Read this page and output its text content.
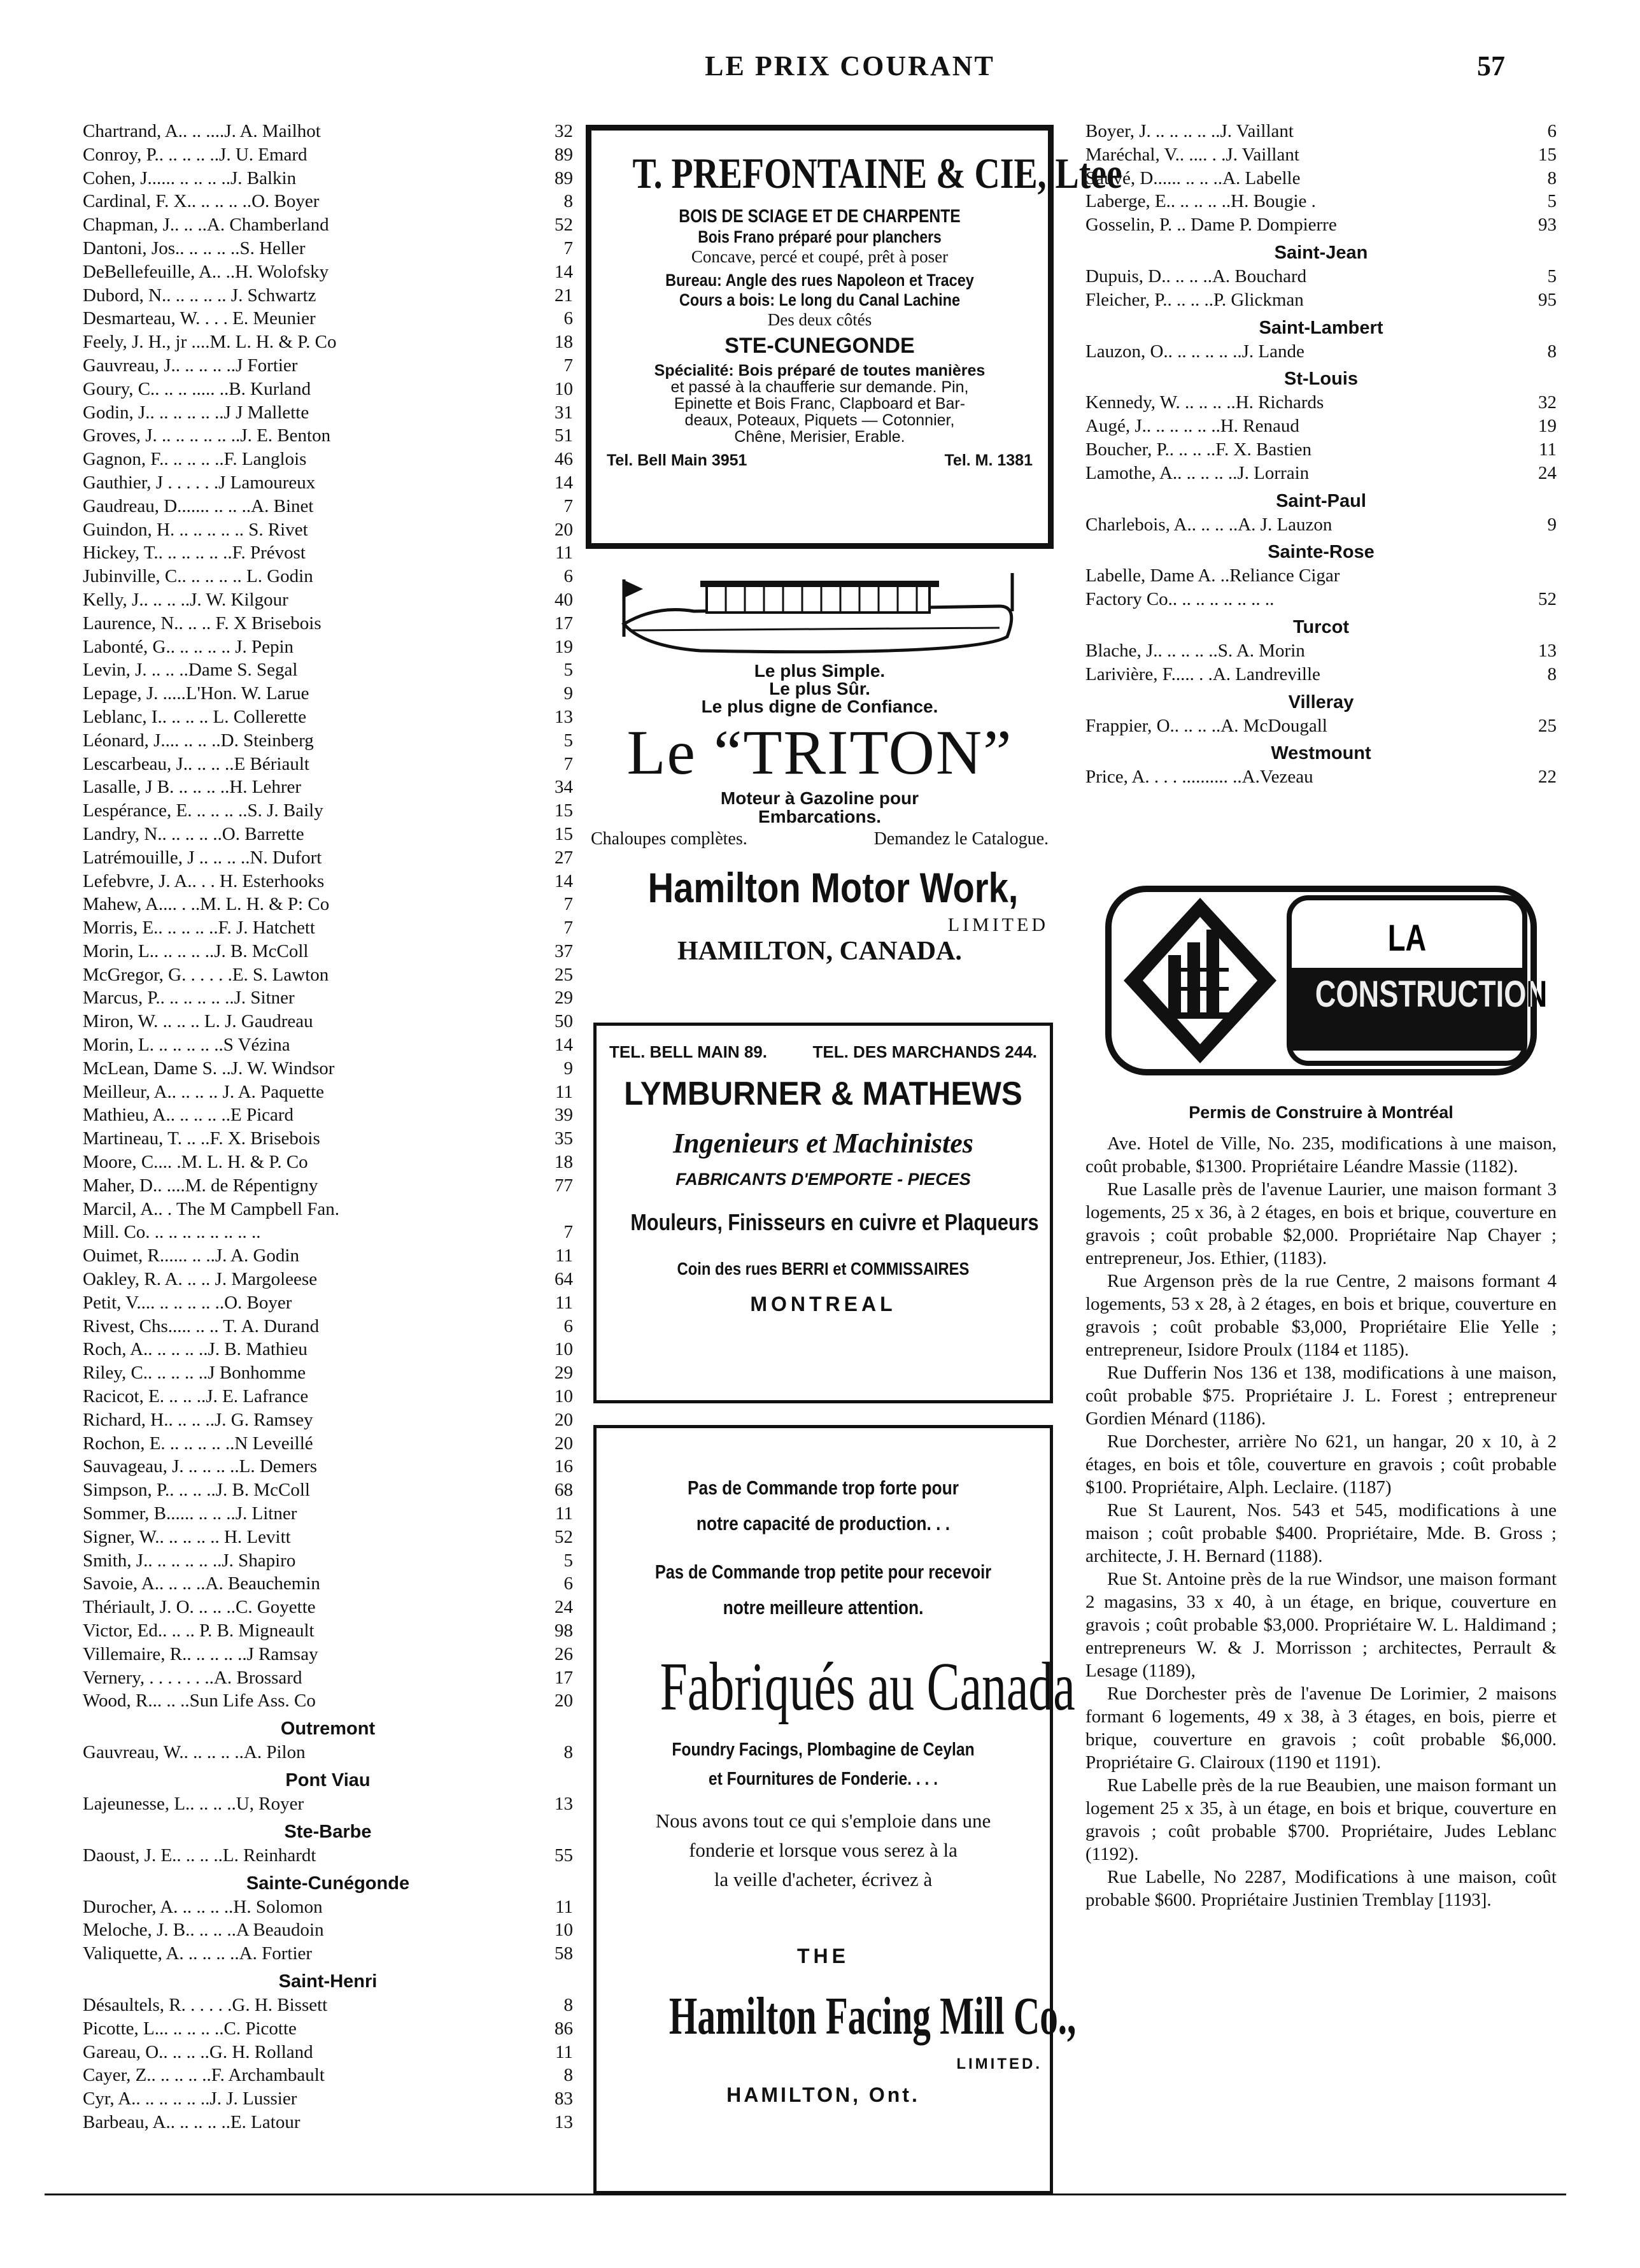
LE PRIX COURANT	57
Chartrand, A.. .. ....J. A. Mailhot	32
Conroy, P.. .. .. .. ..J. U. Emard	89
Cohen, J...... .. .. .. ..J. Balkin	89
Cardinal, F. X.. .. .. .. ..O. Boyer	8
Chapman, J.. .. ..A. Chamberland	52
Dantoni, Jos.. .. .. .. ..S. Heller	7
DeBellefeuille, A.. ..H. Wolofsky	14
Dubord, N.. .. .. .. .. J. Schwartz	21
Desmarteau, W. . . . E. Meunier	6
Feely, J. H., jr ....M. L. H. & P. Co	18
Gauvreau, J.. .. .. .. ..J Fortier	7
Goury, C.. .. .. ..... ..B. Kurland	10
Godin, J.. .. .. .. .. ..J J Mallette	31
Groves, J. .. .. .. .. .. ..J. E. Benton	51
Gagnon, F.. .. .. .. ..F. Langlois	46
Gauthier, J . . . . . .J Lamoureux	14
Gaudreau, D....... .. .. ..A. Binet	7
Guindon, H. .. .. .. .. .. S. Rivet	20
Hickey, T.. .. .. .. .. ..F. Prévost	11
Jubinville, C.. .. .. .. .. L. Godin	6
Kelly, J.. .. .. ..J. W. Kilgour	40
Laurence, N.. .. .. F. X Brisebois	17
Labonté, G.. .. .. .. .. J. Pepin	19
Levin, J. .. .. ..Dame S. Segal	5
Lepage, J. .....L'Hon. W. Larue	9
Leblanc, I.. .. .. .. L. Collerette	13
Léonard, J.... .. .. ..D. Steinberg	5
Lescarbeau, J.. .. .. ..E Bériault	7
Lasalle, J B. .. .. .. ..H. Lehrer	34
Lespérance, E. .. .. .. ..S. J. Baily	15
Landry, N.. .. .. .. ..O. Barrette	15
Latrémouille, J .. .. .. ..N. Dufort	27
Lefebvre, J. A.. . . H. Esterhooks	14
Mahew, A.... . ..M. L. H. & P: Co	7
Morris, E.. .. .. .. ..F. J. Hatchett	7
Morin, L.. .. .. .. ..J. B. McColl	37
McGregor, G. . . . . .E. S. Lawton	25
Marcus, P.. .. .. .. .. ..J. Sitner	29
Miron, W. .. .. .. L. J. Gaudreau	50
Morin, L. .. .. .. .. ..S Vézina	14
McLean, Dame S. ..J. W. Windsor	9
Meilleur, A.. .. .. .. J. A. Paquette	11
Mathieu, A.. .. .. .. ..E Picard	39
Martineau, T. .. ..F. X. Brisebois	35
Moore, C.... .M. L. H. & P. Co	18
Maher, D.. ....M. de Répentigny	77
Marcil, A.. . The M Campbell Fan.
Mill. Co. .. .. .. .. .. .. .. ..	7
Ouimet, R...... .. ..J. A. Godin	11
Oakley, R. A. .. .. J. Margoleese	64
Petit, V.... .. .. .. .. ..O. Boyer	11
Rivest, Chs..... .. .. T. A. Durand	6
Roch, A.. .. .. .. ..J. B. Mathieu	10
Riley, C.. .. .. .. ..J Bonhomme	29
Racicot, E. .. .. ..J. E. Lafrance	10
Richard, H.. .. .. ..J. G. Ramsey	20
Rochon, E. .. .. .. .. ..N Leveillé	20
Sauvageau, J. .. .. .. ..L. Demers	16
Simpson, P.. .. .. ..J. B. McColl	68
Sommer, B...... .. .. ..J. Litner	11
Signer, W.. .. .. .. .. H. Levitt	52
Smith, J.. .. .. .. .. ..J. Shapiro	5
Savoie, A.. .. .. ..A. Beauchemin	6
Thériault, J. O. .. .. ..C. Goyette	24
Victor, Ed.. .. .. P. B. Migneault	98
Villemaire, R.. .. .. .. ..J Ramsay	26
Vernery, . . . . . . ..A. Brossard	17
Wood, R... .. ..Sun Life Ass. Co	20
Outremont
Gauvreau, W.. .. .. .. ..A. Pilon	8
Pont Viau
Lajeunesse, L.. .. .. ..U, Royer	13
Ste-Barbe
Daoust, J. E.. .. .. ..L. Reinhardt	55
Sainte-Cunégonde
Durocher, A. .. .. .. ..H. Solomon	11
Meloche, J. B.. .. .. ..A Beaudoin	10
Valiquette, A. .. .. .. ..A. Fortier	58
Saint-Henri
Désaultels, R. . . . . .G. H. Bissett	8
Picotte, L... .. .. .. ..C. Picotte	86
Gareau, O.. .. .. ..G. H. Rolland	11
Cayer, Z.. .. .. .. ..F. Archambault	8
Cyr, A.. .. .. .. .. ..J. J. Lussier	83
Barbeau, A.. .. .. .. ..E. Latour	13
Boyer, J. .. .. .. .. ..J. Vaillant	6
Maréchal, V.. .... . .J. Vaillant	15
Sauvé, D...... .. .. ..A. Labelle	8
Laberge, E.. .. .. .. ..H. Bougie .	5
Gosselin, P. .. Dame P. Dompierre	93
Saint-Jean
Dupuis, D.. .. .. ..A. Bouchard	5
Fleicher, P.. .. .. ..P. Glickman	95
Saint-Lambert
Lauzon, O.. .. .. .. .. ..J. Lande	8
St-Louis
Kennedy, W. .. .. .. ..H. Richards	32
Augé, J.. .. .. .. .. ..H. Renaud	19
Boucher, P.. .. .. ..F. X. Bastien	11
Lamothe, A.. .. .. .. ..J. Lorrain	24
Saint-Paul
Charlebois, A.. .. .. ..A. J. Lauzon	9
Sainte-Rose
Labelle, Dame A. ..Reliance Cigar
Factory Co.. .. .. .. .. .. .. ..	52
Turcot
Blache, J.. .. .. .. ..S. A. Morin	13
Larivière, F..... . .A. Landreville	8
Villeray
Frappier, O.. .. .. ..A. McDougall	25
Westmount
Price, A. . . . .......... ..A.Vezeau	22
T. PREFONTAINE & CIE, Ltee
BOIS DE SCIAGE ET DE CHARPENTE
Bois Frano préparé pour planchers
Concave, percé et coupé, prêt à poser
Bureau: Angle des rues Napoleon et Tracey
Cours a bois: Le long du Canal Lachine
Des deux côtés
STE-CUNEGONDE
Spécialité: Bois préparé de toutes manières
et passé à la chaufferie sur demande. Pin,
Epinette et Bois Franc, Clapboard et Bar-
deaux, Poteaux, Piquets — Cotonnier,
Chêne, Merisier, Erable.
Tel. Bell Main 3951	Tel. M. 1381
Le plus Simple.
Le plus Sûr.
Le plus digne de Confiance.
Le “TRITON”
Moteur à Gazoline pour
Embarcations.
Chaloupes complètes.	Demandez le Catalogue.
Hamilton Motor Work,
LIMITED
HAMILTON, CANADA.
TEL. BELL MAIN 89.	TEL. DES MARCHANDS 244.
LYMBURNER & MATHEWS
Ingenieurs et Machinistes
FABRICANTS D'EMPORTE - PIECES
Mouleurs, Finisseurs en cuivre et Plaqueurs
Coin des rues BERRI et COMMISSAIRES
MONTREAL
Pas de Commande trop forte pour
notre capacité de production. . .
Pas de Commande trop petite pour recevoir
notre meilleure attention.
Fabriqués au Canada
Foundry Facings, Plombagine de Ceylan
et Fournitures de Fonderie. . . .
Nous avons tout ce qui s'emploie dans une
fonderie et lorsque vous serez à la
la veille d'acheter, écrivez à
THE
Hamilton Facing Mill Co.,
LIMITED.
HAMILTON, Ont.
LA CONSTRUCTION
Permis de Construire à Montréal

Ave. Hotel de Ville, No. 235, modifications à une maison, coût probable, $1300. Propriétaire Léandre Massie (1182).

Rue Lasalle près de l'avenue Laurier, une maison formant 3 logements, 25 x 36, à 2 étages, en bois et brique, couverture en gravois ; coût probable $2,000. Propriétaire Nap Chayer ; entrepreneur, Jos. Ethier, (1183).

Rue Argenson près de la rue Centre, 2 maisons formant 4 logements, 53 x 28, à 2 étages, en bois et brique, couverture en gravois ; coût probable $3,000, Propriétaire Elie Yelle ; entrepreneur, Isidore Proulx (1184 et 1185).

Rue Dufferin Nos 136 et 138, modifications à une maison, coût probable $75. Propriétaire J. L. Forest ; entrepreneur Gordien Ménard (1186).

Rue Dorchester, arrière No 621, un hangar, 20 x 10, à 2 étages, en bois et tôle, couverture en gravois ; coût probable $100. Propriétaire, Alph. Leclaire. (1187)

Rue St Laurent, Nos. 543 et 545, modifications à une maison ; coût probable $400. Propriétaire, Mde. B. Gross ; architecte, J. H. Bernard (1188).

Rue St. Antoine près de la rue Windsor, une maison formant 2 magasins, 33 x 40, à un étage, en brique, couverture en gravois ; coût probable $3,000. Propriétaire W. L. Haldimand ; entrepreneurs W. & J. Morrisson ; architectes, Perrault & Lesage (1189),

Rue Dorchester près de l'avenue De Lorimier, 2 maisons formant 6 logements, 49 x 38, à 3 étages, en bois, pierre et brique, couverture en gravois ; coût probable $6,000. Propriétaire G. Clairoux (1190 et 1191).

Rue Labelle près de la rue Beaubien, une maison formant un logement 25 x 35, à un étage, en bois et brique, couverture en gravois ; coût probable $700. Propriétaire, Judes Leblanc (1192).

Rue Labelle, No 2287, Modifications à une maison, coût probable $600. Propriétaire Justinien Tremblay [1193].
